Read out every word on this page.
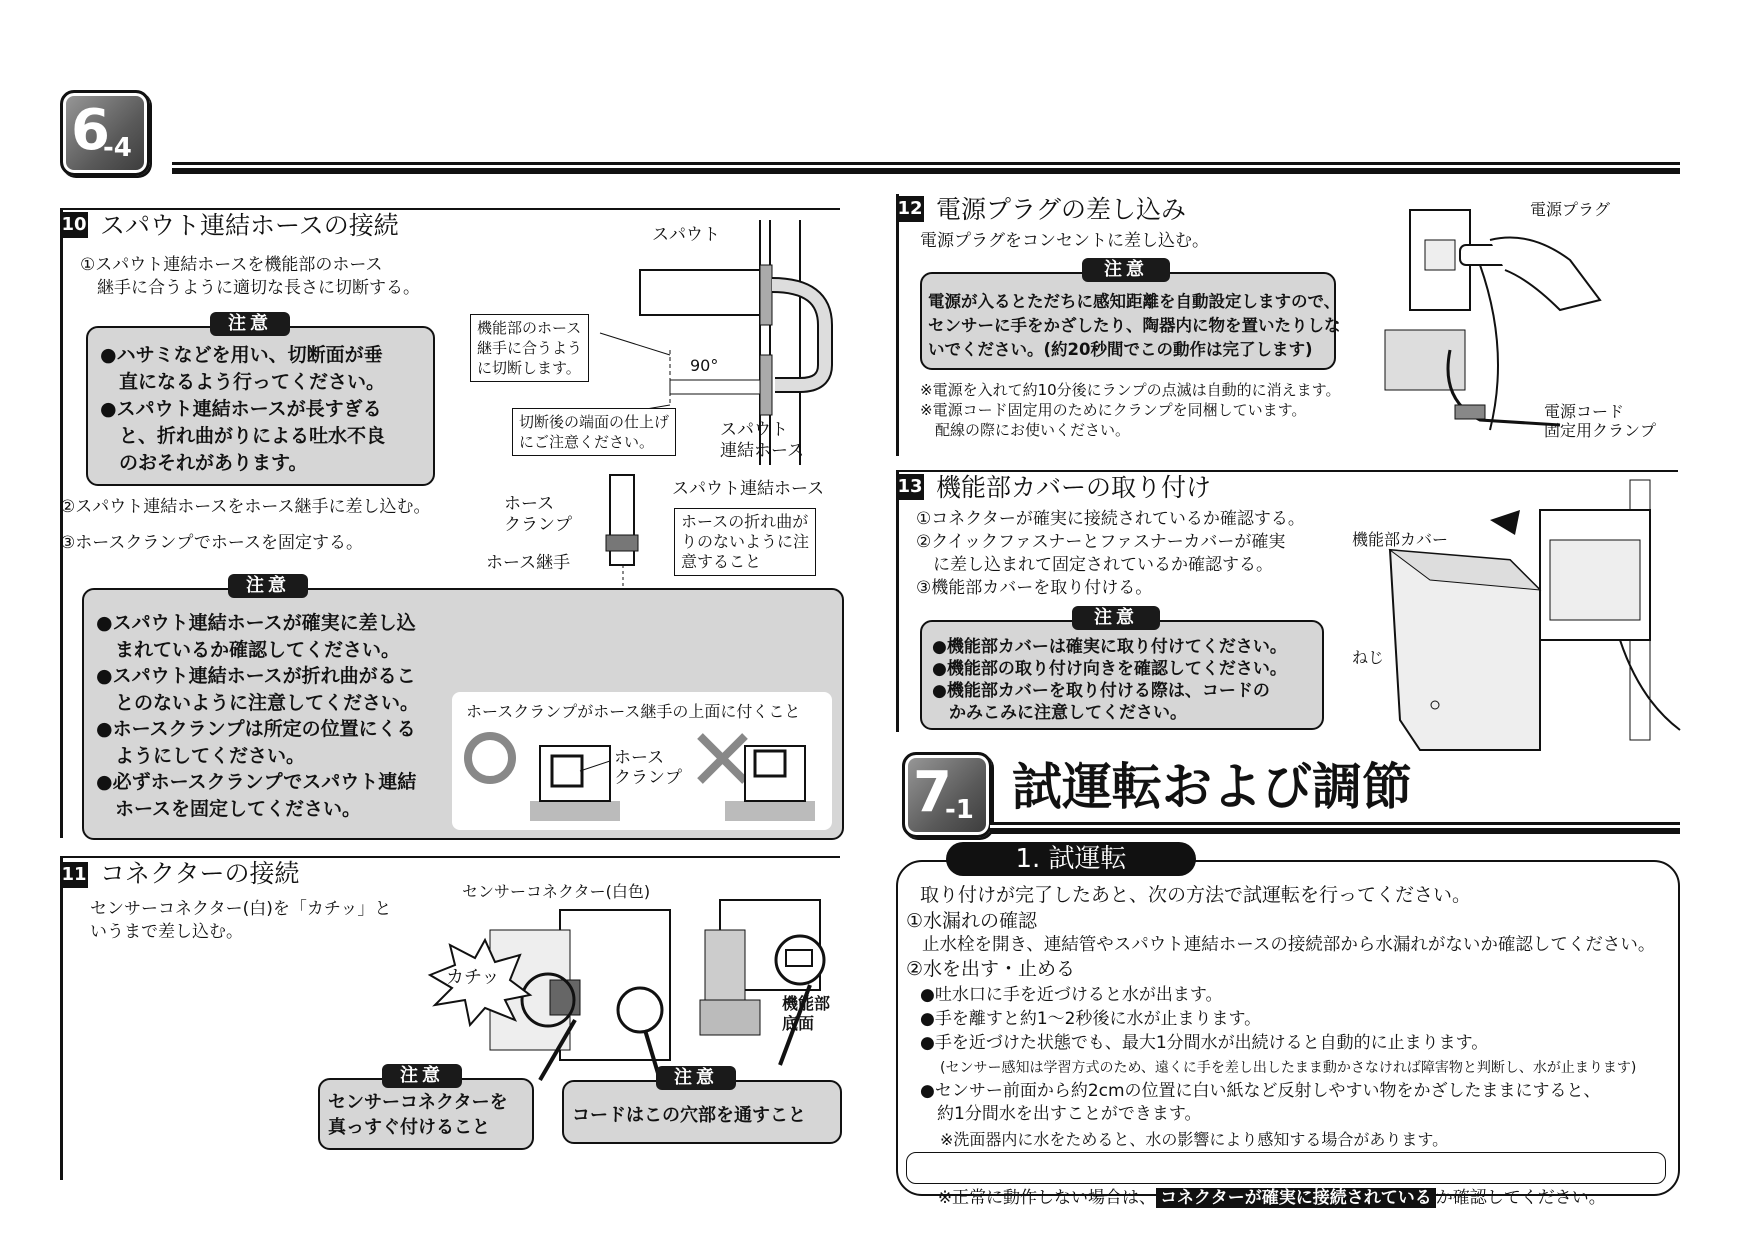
6
-4
10 スパウト連結ホースの接続
①スパウト連結ホースを機能部のホース
　継手に合うように適切な長さに切断する。
注意
●ハサミなどを用い、切断面が垂
　直になるよう行ってください。
●スパウト連結ホースが長すぎる
　と、折れ曲がりによる吐水不良
　のおそれがあります。
スパウト
機能部のホース
継手に合うよう
に切断します。	90°
切断後の端面の仕上げ
にご注意ください。
スパウト
連結ホース
②スパウト連結ホースをホース継手に差し込む。
③ホースクランプでホースを固定する。
ホース
クランプ
スパウト連結ホース
ホースの折れ曲が
りのないように注
意すること
ホース継手
注意
●スパウト連結ホースが確実に差し込
　まれているか確認してください。
●スパウト連結ホースが折れ曲がるこ
　とのないように注意してください。
●ホースクランプは所定の位置にくる
　ようにしてください。
●必ずホースクランプでスパウト連結
　ホースを固定してください。
ホースクランプがホース継手の上面に付くこと
ホース
クランプ
11 コネクターの接続
センサーコネクター(白)を「カチッ」と
いうまで差し込む。
センサーコネクター(白色)
カチッ
機能部
底面
注意
センサーコネクターを
真っすぐ付けること
注意
コードはこの穴部を通すこと
12 電源プラグの差し込み
電源プラグをコンセントに差し込む。
注意
電源が入るとただちに感知距離を自動設定しますので、
センサーに手をかざしたり、陶器内に物を置いたりしな
いでください。(約20秒間でこの動作は完了します)
※電源を入れて約10分後にランプの点滅は自動的に消えます。
※電源コード固定用のためにクランプを同梱しています。
　配線の際にお使いください。
電源プラグ
電源コード
固定用クランプ
13 機能部カバーの取り付け
①コネクターが確実に接続されているか確認する。
②クイックファスナーとファスナーカバーが確実
　に差し込まれて固定されているか確認する。
③機能部カバーを取り付ける。
注意
●機能部カバーは確実に取り付けてください。
●機能部の取り付け向きを確認してください。
●機能部カバーを取り付ける際は、コードの
　かみこみに注意してください。
機能部カバー
ねじ
7
-1 試運転および調節
1. 試運転
取り付けが完了したあと、次の方法で試運転を行ってください。
①水漏れの確認
止水栓を開き、連結管やスパウト連結ホースの接続部から水漏れがないか確認してください。
②水を出す・止める
●吐水口に手を近づけると水が出ます。
●手を離すと約1～2秒後に水が止まります。
●手を近づけた状態でも、最大1分間水が出続けると自動的に止まります。
(センサー感知は学習方式のため、遠くに手を差し出したまま動かさなければ障害物と判断し、水が止まります)
●センサー前面から約2cmの位置に白い紙など反射しやすい物をかざしたままにすると、
　約1分間水を出すことができます。
※洗面器内に水をためると、水の影響により感知する場合があります。

※正常に動作しない場合は、 コネクターが確実に接続されている か確認してください。
